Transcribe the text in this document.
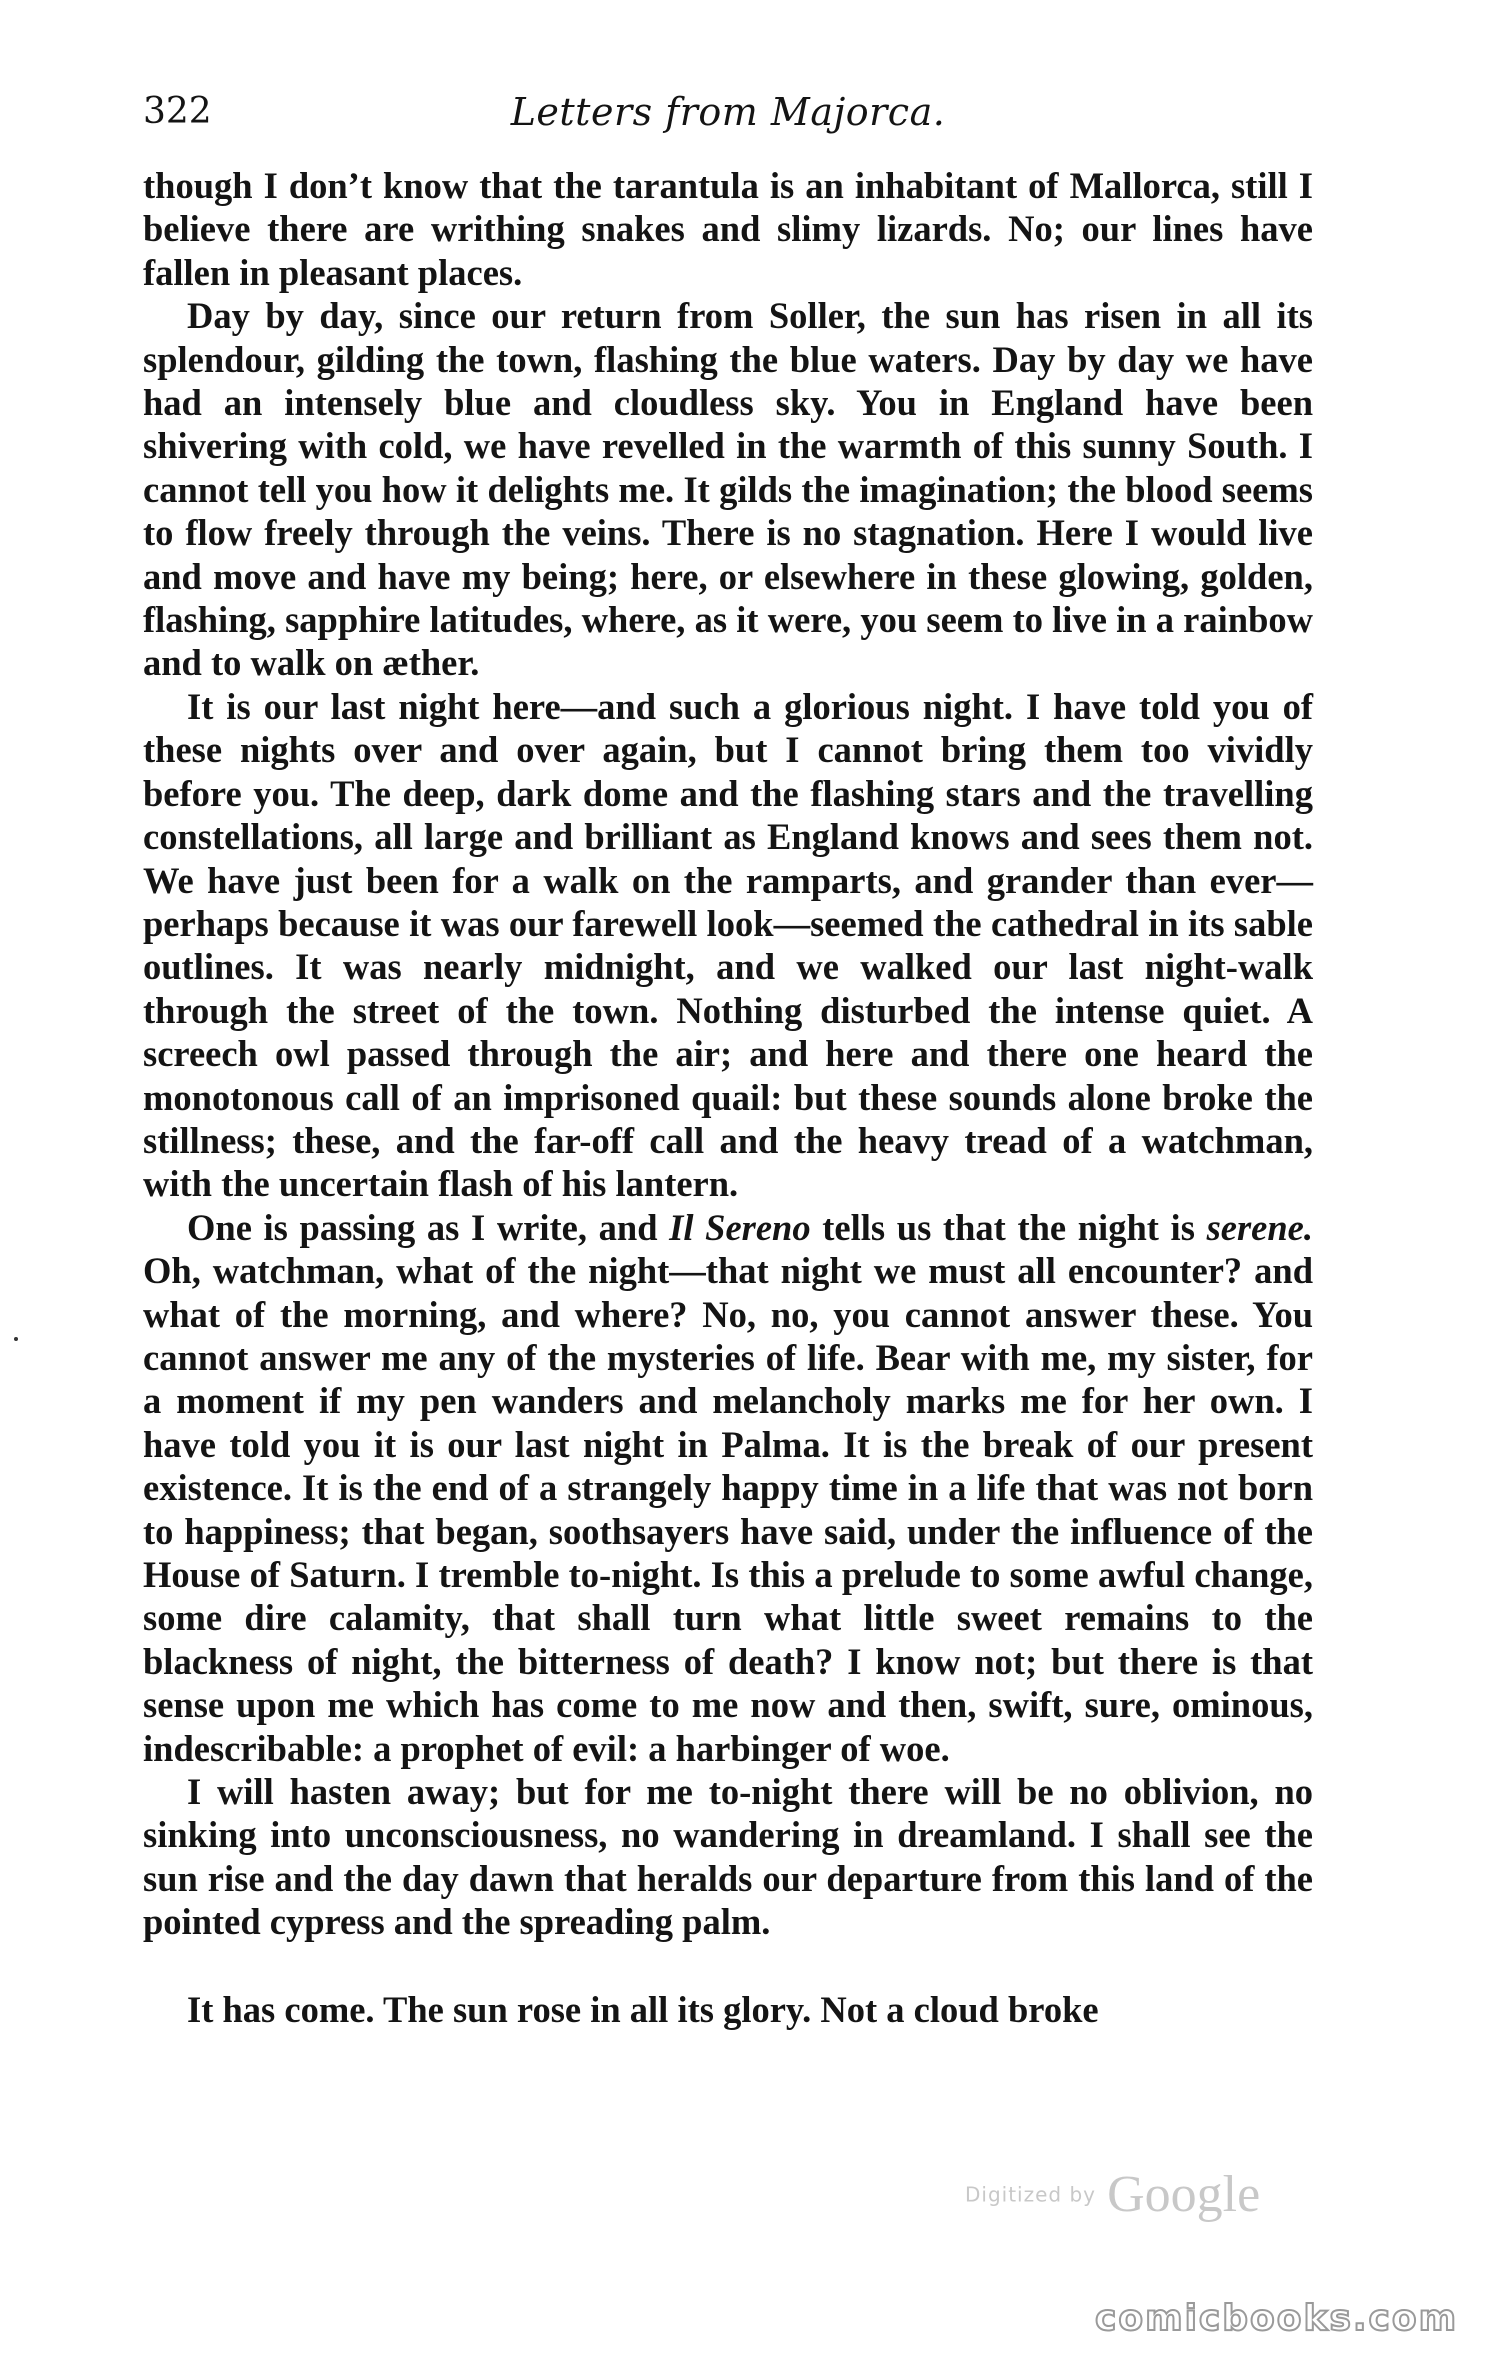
322	Letters from Majorca.

though I don’t know that the tarantula is an inhabitant of Mallorca, still I believe there are writhing snakes and slimy lizards. No; our lines have fallen in pleasant places.

Day by day, since our return from Soller, the sun has risen in all its splendour, gilding the town, flashing the blue waters. Day by day we have had an intensely blue and cloudless sky. You in England have been shivering with cold, we have revelled in the warmth of this sunny South. I cannot tell you how it delights me. It gilds the imagination; the blood seems to flow freely through the veins. There is no stagnation. Here I would live and move and have my being; here, or elsewhere in these glowing, golden, flashing, sapphire latitudes, where, as it were, you seem to live in a rainbow and to walk on æther.

It is our last night here—and such a glorious night. I have told you of these nights over and over again, but I cannot bring them too vividly before you. The deep, dark dome and the flashing stars and the travelling constellations, all large and brilliant as England knows and sees them not. We have just been for a walk on the ramparts, and grander than ever—perhaps because it was our farewell look—seemed the cathedral in its sable outlines. It was nearly midnight, and we walked our last night-walk through the street of the town. Nothing disturbed the intense quiet. A screech owl passed through the air; and here and there one heard the monotonous call of an imprisoned quail: but these sounds alone broke the stillness; these, and the far-off call and the heavy tread of a watchman, with the uncertain flash of his lantern.

One is passing as I write, and Il Sereno tells us that the night is serene. Oh, watchman, what of the night—that night we must all encounter? and what of the morning, and where? No, no, you cannot answer these. You cannot answer me any of the mysteries of life. Bear with me, my sister, for a moment if my pen wanders and melancholy marks me for her own. I have told you it is our last night in Palma. It is the break of our present existence. It is the end of a strangely happy time in a life that was not born to happiness; that began, soothsayers have said, under the influence of the House of Saturn. I tremble to-night. Is this a prelude to some awful change, some dire calamity, that shall turn what little sweet remains to the blackness of night, the bitterness of death? I know not; but there is that sense upon me which has come to me now and then, swift, sure, ominous, indescribable: a prophet of evil: a harbinger of woe.

I will hasten away; but for me to-night there will be no oblivion, no sinking into unconsciousness, no wandering in dreamland. I shall see the sun rise and the day dawn that heralds our departure from this land of the pointed cypress and the spreading palm.

It has come. The sun rose in all its glory. Not a cloud broke

Digitized by Google
comicbooks.com
